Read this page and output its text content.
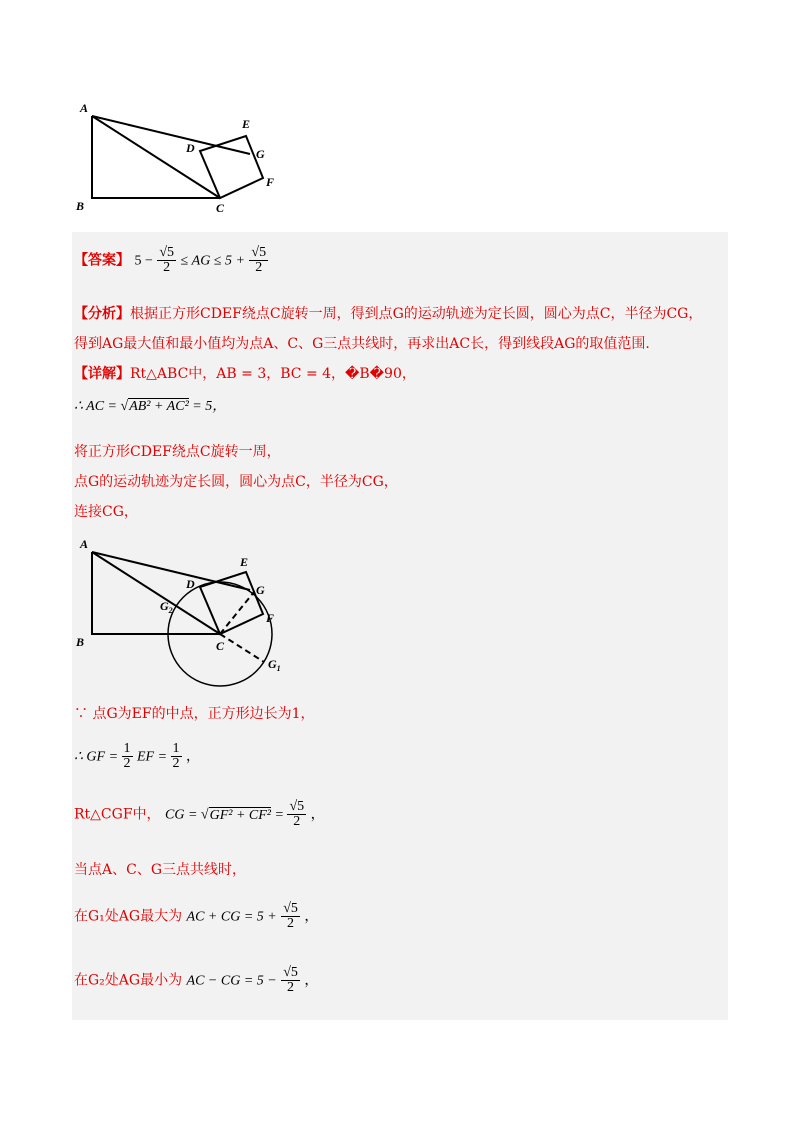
A
B	C
D
E
F
G
【答案】 $5 - \frac{√5}{2}$ ≤ AG ≤ $5 + \frac{√5}{2}$
【分析】根据正方形CDEF绕点C旋转一周，得到点G的运动轨迹为定长圆，圆心为点C，半径为CG，
得到AG最大值和最小值均为点A、C、G三点共线时，再求出AC长，得到线段AG的取值范围.
【详解】Rt△ABC中，AB = 3，BC = 4，�B�90，
∴ AC = √AB² + AC² = 5，
将正方形CDEF绕点C旋转一周，
点G的运动轨迹为定长圆，圆心为点C，半径为CG，
连接CG，
A
B	C
D
E
F
G
$G_2$
$G_1$
∵ 点G为EF的中点，正方形边长为1，
∴ GF = $\frac{1}{2}$ EF = $\frac{1}{2}$ ，
Rt△CGF中， CG = $√GF^2 + CF^2 = \frac{√5}{2}$ ，
当点A、C、G三点共线时，
在G₁处AG最大为 AC + CG = $5 + \frac{√5}{2}$ ，
在G₂处AG最小为 AC − CG = $5 - \frac{√5}{2}$ ，
